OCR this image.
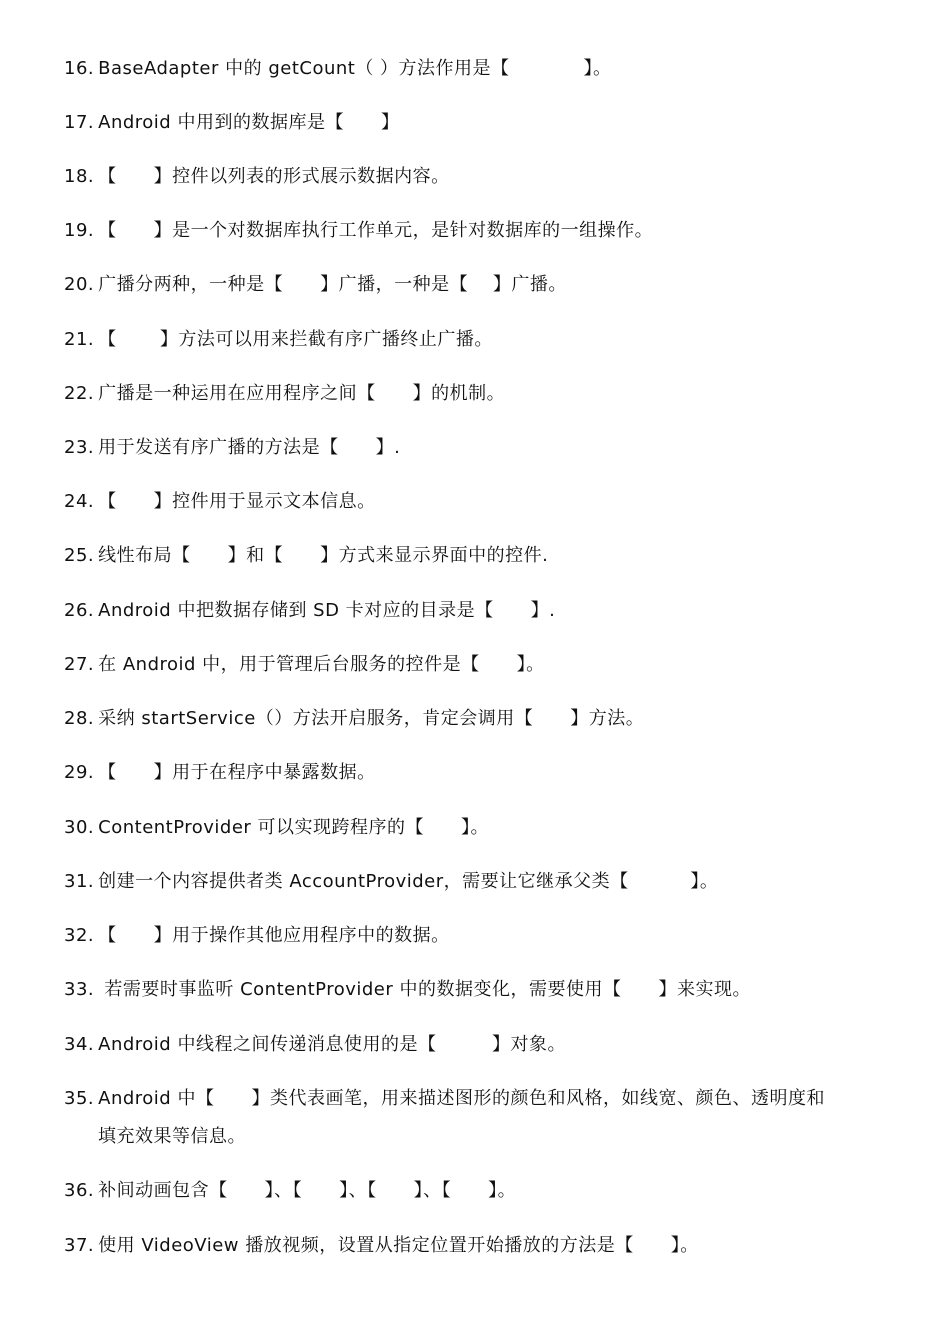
16. BaseAdapter 中的 getCount（ ）方法作用是【　　　　】。
17. Android 中用到的数据库是【　　】
18. 【　　】控件以列表的形式展示数据内容。
19. 【　　】是一个对数据库执行工作单元，是针对数据库的一组操作。
20. 广播分两种，一种是【　　】广播，一种是【　 】广播。
21. 【　　 】方法可以用来拦截有序广播终止广播。
22. 广播是一种运用在应用程序之间【　　】的机制。
23. 用于发送有序广播的方法是【　　】.
24. 【　　】控件用于显示文本信息。
25. 线性布局【　　】和【　　】方式来显示界面中的控件.
26. Android 中把数据存储到 SD 卡对应的目录是【　　】.
27. 在 Android 中，用于管理后台服务的控件是【　　】。
28. 采纳 startService（）方法开启服务，肯定会调用【　　】方法。
29. 【　　】用于在程序中暴露数据。
30. ContentProvider 可以实现跨程序的【　　】。
31. 创建一个内容提供者类 AccountProvider，需要让它继承父类【　　　 】。
32. 【　　】用于操作其他应用程序中的数据。
33. 若需要时事监听 ContentProvider 中的数据变化，需要使用【　　】来实现。
34. Android 中线程之间传递消息使用的是【　　　】对象。
35. Android 中【　　】类代表画笔，用来描述图形的颜色和风格，如线宽、颜色、透明度和
填充效果等信息。
36. 补间动画包含【　　】、【　　】、【　　】、【　　】。
37. 使用 VideoView 播放视频，设置从指定位置开始播放的方法是【　　】。
